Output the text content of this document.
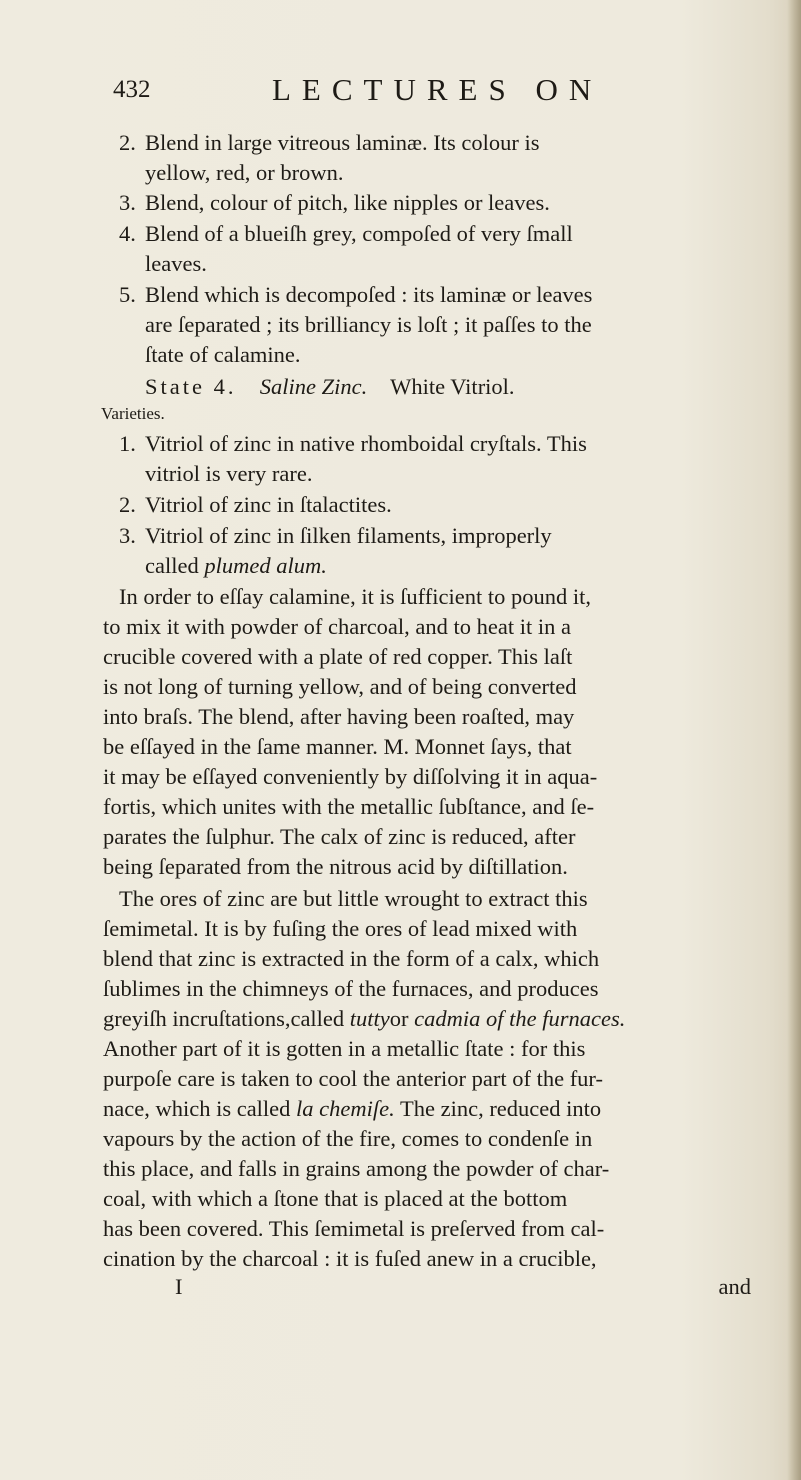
432	LECTURES ON
2. Blend in large vitreous laminæ. Its colour is
yellow, red, or brown.
3. Blend, colour of pitch, like nipples or leaves.
4. Blend of a blueiſh grey, compoſed of very ſmall
leaves.
5. Blend which is decompoſed : its laminæ or leaves
are ſeparated ; its brilliancy is loſt ; it paſſes to the
ſtate of calamine.
State 4. Saline Zinc. White Vitriol.
Varieties.
1. Vitriol of zinc in native rhomboidal cryſtals. This
vitriol is very rare.
2. Vitriol of zinc in ſtalactites.
3. Vitriol of zinc in ſilken filaments, improperly
called plumed alum.
In order to eſſay calamine, it is ſufficient to pound it,
to mix it with powder of charcoal, and to heat it in a
crucible covered with a plate of red copper. This laſt
is not long of turning yellow, and of being converted
into braſs. The blend, after having been roaſted, may
be eſſayed in the ſame manner. M. Monnet ſays, that
it may be eſſayed conveniently by diſſolving it in aqua-
fortis, which unites with the metallic ſubſtance, and ſe-
parates the ſulphur. The calx of zinc is reduced, after
being ſeparated from the nitrous acid by diſtillation.
The ores of zinc are but little wrought to extract this
ſemimetal. It is by fuſing the ores of lead mixed with
blend that zinc is extracted in the form of a calx, which
ſublimes in the chimneys of the furnaces, and produces
greyiſh incruſtations,called tuttyor cadmia of the furnaces.
Another part of it is gotten in a metallic ſtate : for this
purpoſe care is taken to cool the anterior part of the fur-
nace, which is called la chemiſe. The zinc, reduced into
vapours by the action of the fire, comes to condenſe in
this place, and falls in grains among the powder of char-
coal, with which a ſtone that is placed at the bottom
has been covered. This ſemimetal is preſerved from cal-
cination by the charcoal : it is fuſed anew in a crucible,
I	and
